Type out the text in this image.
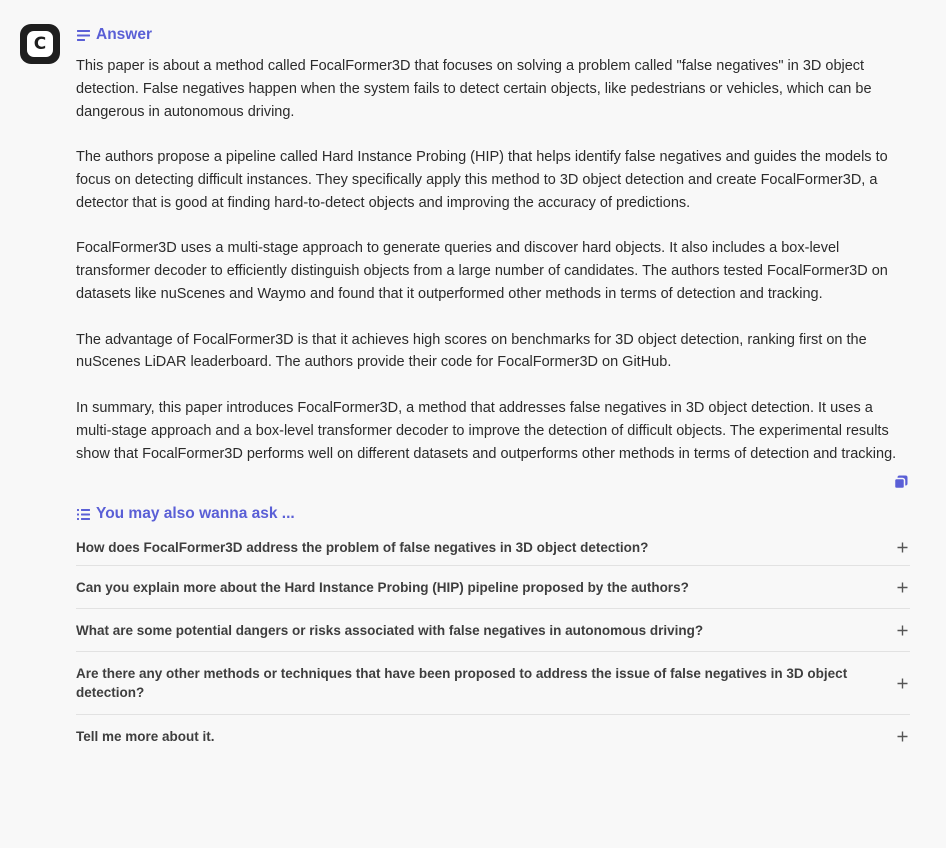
C	Answer

This paper is about a method called FocalFormer3D that focuses on solving a problem called "false negatives" in 3D object detection. False negatives happen when the system fails to detect certain objects, like pedestrians or vehicles, which can be dangerous in autonomous driving.

The authors propose a pipeline called Hard Instance Probing (HIP) that helps identify false negatives and guides the models to focus on detecting difficult instances. They specifically apply this method to 3D object detection and create FocalFormer3D, a detector that is good at finding hard-to-detect objects and improving the accuracy of predictions.

FocalFormer3D uses a multi-stage approach to generate queries and discover hard objects. It also includes a box-level transformer decoder to efficiently distinguish objects from a large number of candidates. The authors tested FocalFormer3D on datasets like nuScenes and Waymo and found that it outperformed other methods in terms of detection and tracking.

The advantage of FocalFormer3D is that it achieves high scores on benchmarks for 3D object detection, ranking first on the nuScenes LiDAR leaderboard. The authors provide their code for FocalFormer3D on GitHub.

In summary, this paper introduces FocalFormer3D, a method that addresses false negatives in 3D object detection. It uses a multi-stage approach and a box-level transformer decoder to improve the detection of difficult objects. The experimental results show that FocalFormer3D performs well on different datasets and outperforms other methods in terms of detection and tracking.

You may also wanna ask ...
How does FocalFormer3D address the problem of false negatives in 3D object detection?
Can you explain more about the Hard Instance Probing (HIP) pipeline proposed by the authors?
What are some potential dangers or risks associated with false negatives in autonomous driving?
Are there any other methods or techniques that have been proposed to address the issue of false negatives in 3D object detection?
Tell me more about it.
